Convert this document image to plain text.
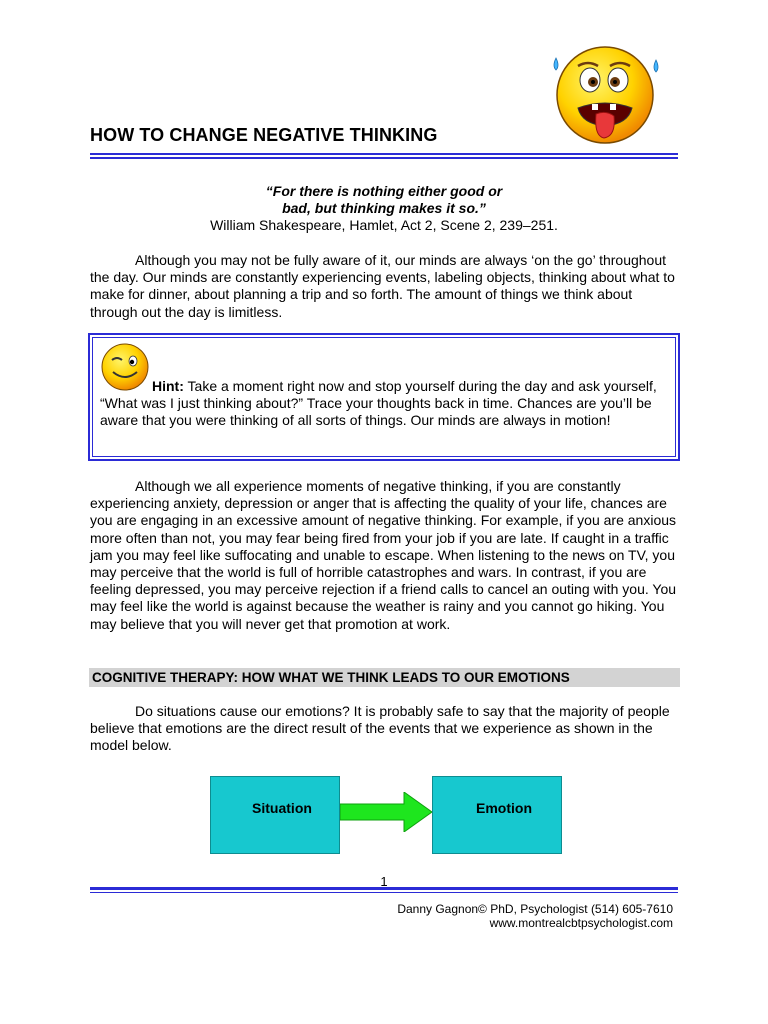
HOW TO CHANGE NEGATIVE THINKING
“For there is nothing either good or
bad, but thinking makes it so.”
William Shakespeare, Hamlet, Act 2, Scene 2, 239–251.
Although you may not be fully aware of it, our minds are always ‘on the go’ throughout the day. Our minds are constantly experiencing events, labeling objects, thinking about what to make for dinner, about planning a trip and so forth. The amount of things we think about through out the day is limitless.
Hint: Take a moment right now and stop yourself during the day and ask yourself, “What was I just thinking about?” Trace your thoughts back in time. Chances are you’ll be aware that you were thinking of all sorts of things. Our minds are always in motion!
Although we all experience moments of negative thinking, if you are constantly experiencing anxiety, depression or anger that is affecting the quality of your life, chances are you are engaging in an excessive amount of negative thinking. For example, if you are anxious more often than not, you may fear being fired from your job if you are late. If caught in a traffic jam you may feel like suffocating and unable to escape. When listening to the news on TV, you may perceive that the world is full of horrible catastrophes and wars. In contrast, if you are feeling depressed, you may perceive rejection if a friend calls to cancel an outing with you. You may feel like the world is against because the weather is rainy and you cannot go hiking. You may believe that you will never get that promotion at work.
COGNITIVE THERAPY: HOW WHAT WE THINK LEADS TO OUR EMOTIONS
Do situations cause our emotions? It is probably safe to say that the majority of people believe that emotions are the direct result of the events that we experience as shown in the model below.
Situation	Emotion
1
Danny Gagnon© PhD, Psychologist (514) 605-7610
www.montrealcbtpsychologist.com
